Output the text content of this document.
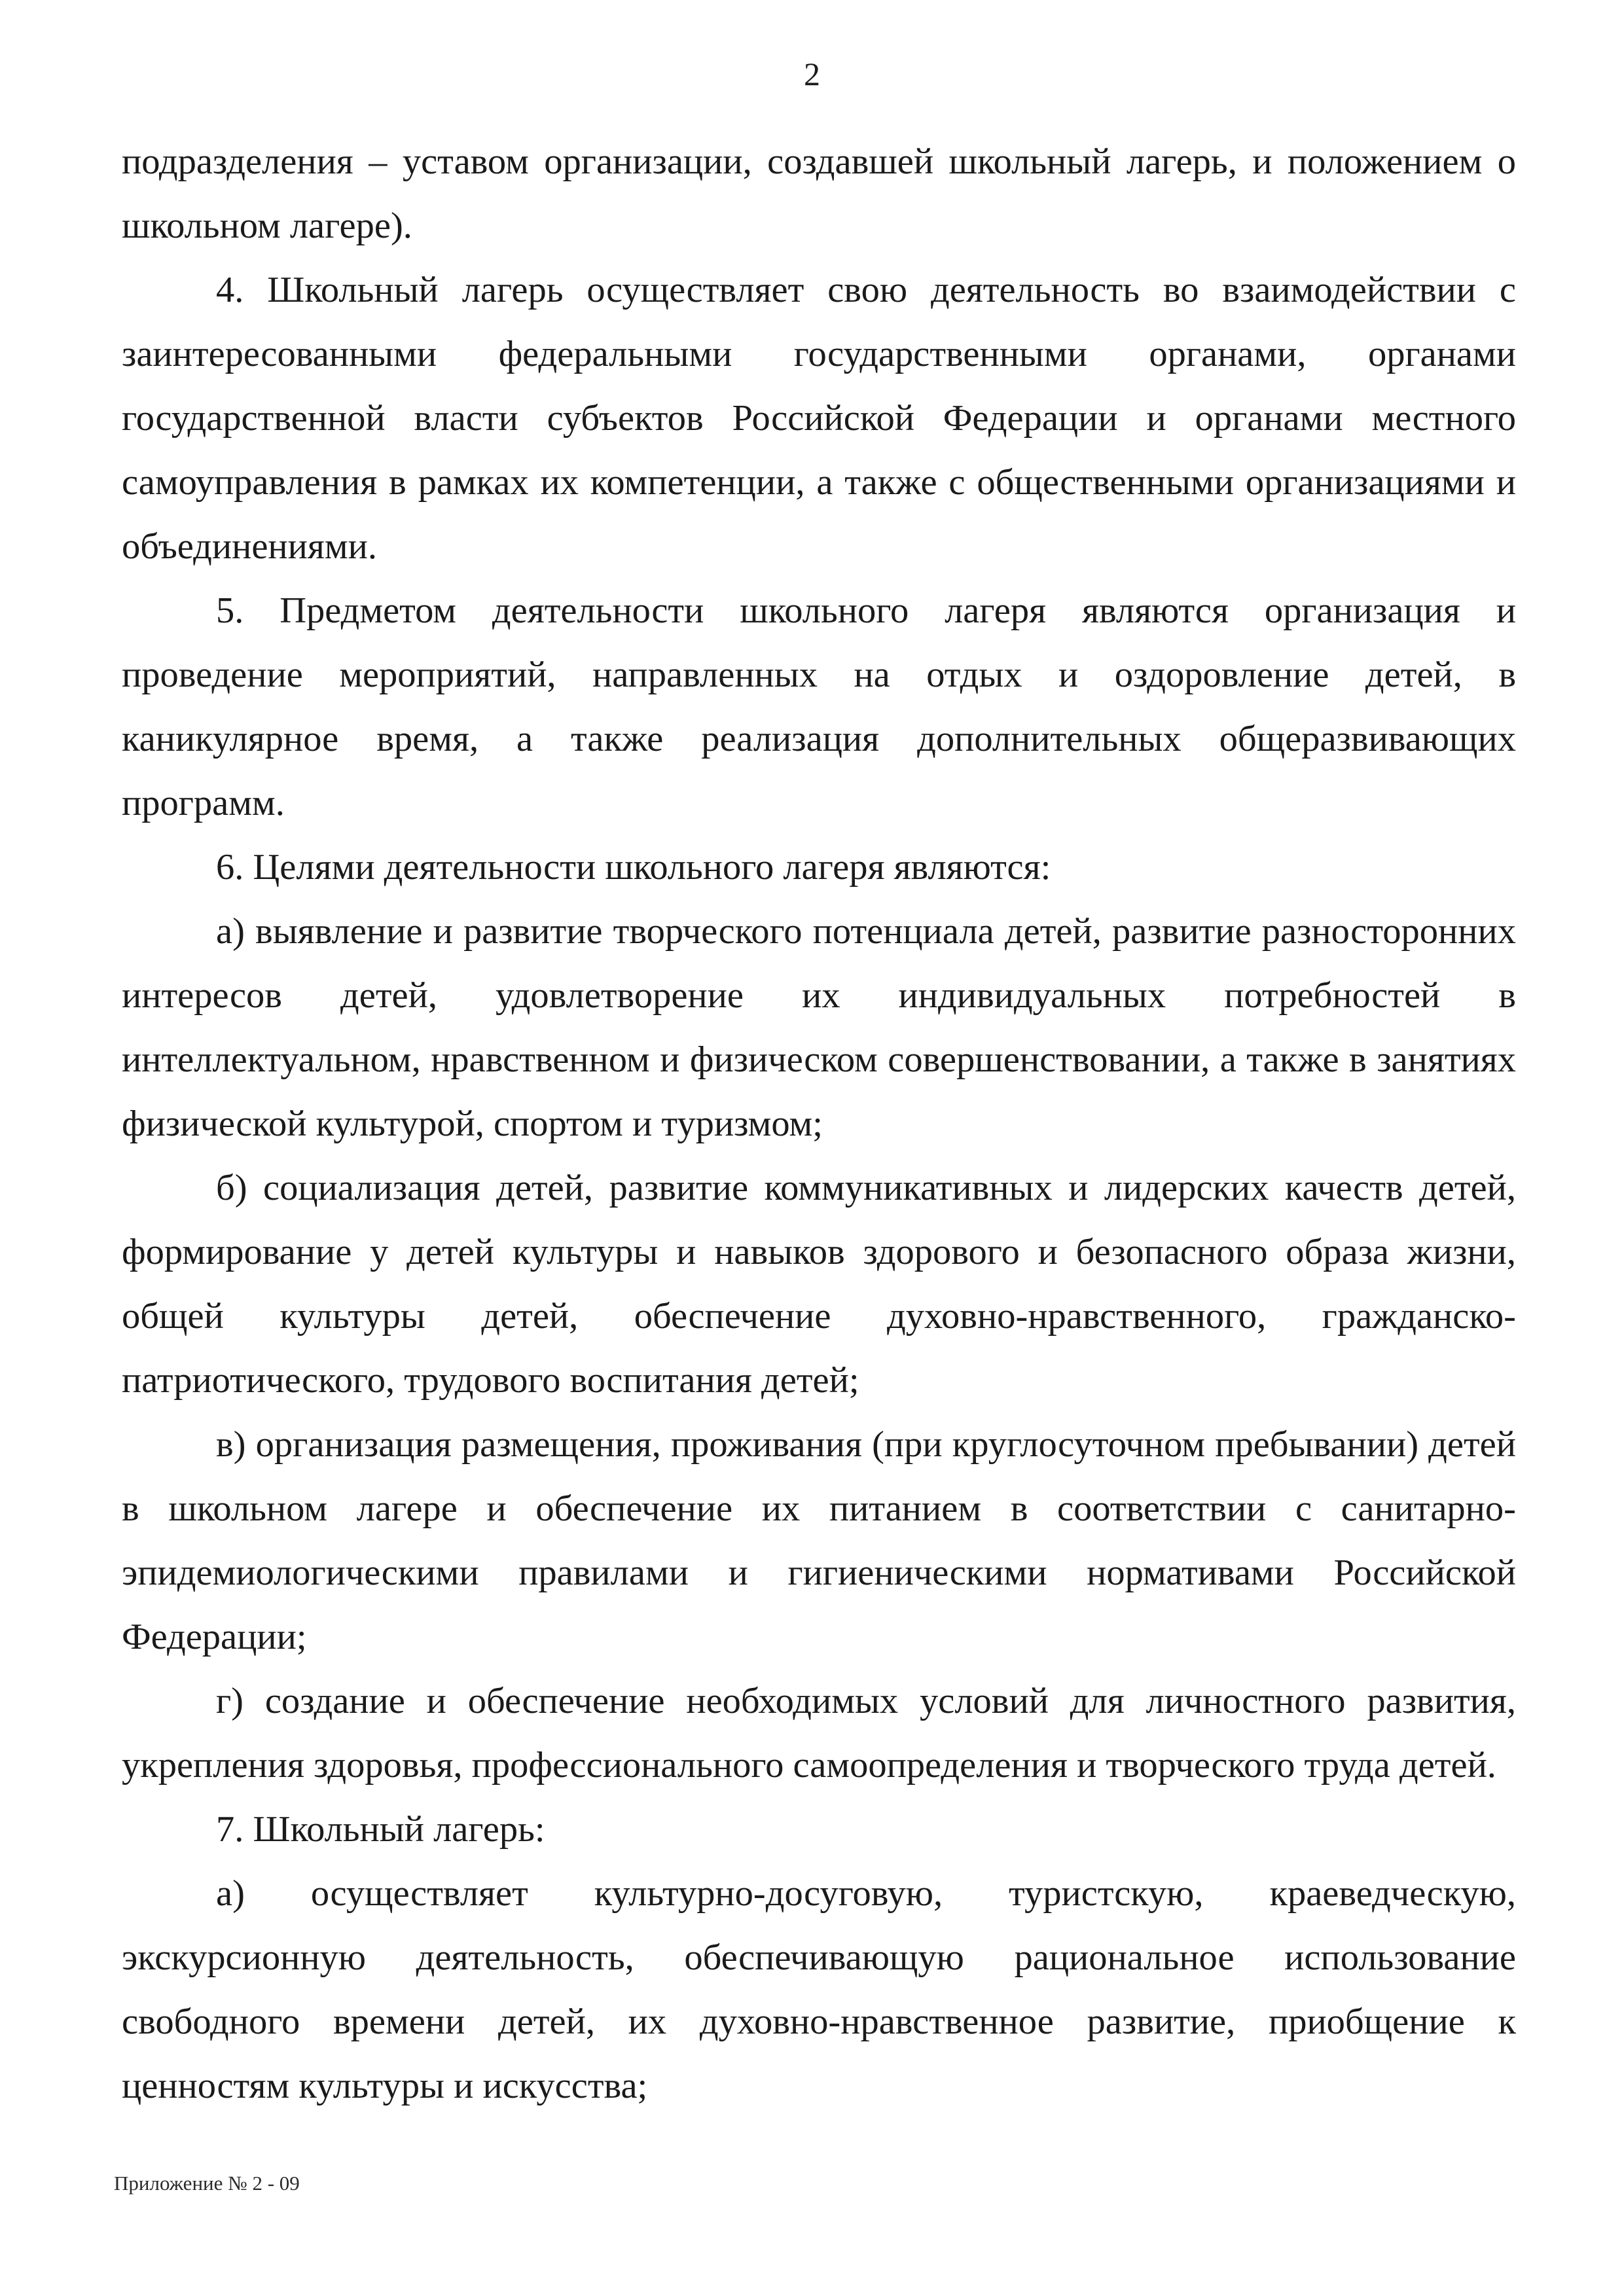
2

подразделения – уставом организации, создавшей школьный лагерь, и положением о школьном лагере).

4. Школьный лагерь осуществляет свою деятельность во взаимодействии с заинтересованными федеральными государственными органами, органами государственной власти субъектов Российской Федерации и органами местного самоуправления в рамках их компетенции, а также с общественными организациями и объединениями.

5. Предметом деятельности школьного лагеря являются организация и проведение мероприятий, направленных на отдых и оздоровление детей, в каникулярное время, а также реализация дополнительных общеразвивающих программ.

6. Целями деятельности школьного лагеря являются:

а) выявление и развитие творческого потенциала детей, развитие разносторонних интересов детей, удовлетворение их индивидуальных потребностей в интеллектуальном, нравственном и физическом совершенствовании, а также в занятиях физической культурой, спортом и туризмом;

б) социализация детей, развитие коммуникативных и лидерских качеств детей, формирование у детей культуры и навыков здорового и безопасного образа жизни, общей культуры детей, обеспечение духовно-нравственного, гражданско-патриотического, трудового воспитания детей;

в) организация размещения, проживания (при круглосуточном пребывании) детей в школьном лагере и обеспечение их питанием в соответствии с санитарно-эпидемиологическими правилами и гигиеническими нормативами Российской Федерации;

г) создание и обеспечение необходимых условий для личностного развития, укрепления здоровья, профессионального самоопределения и творческого труда детей.

7. Школьный лагерь:

а) осуществляет культурно-досуговую, туристскую, краеведческую, экскурсионную деятельность, обеспечивающую рациональное использование свободного времени детей, их духовно-нравственное развитие, приобщение к ценностям культуры и искусства;

Приложение № 2 - 09
